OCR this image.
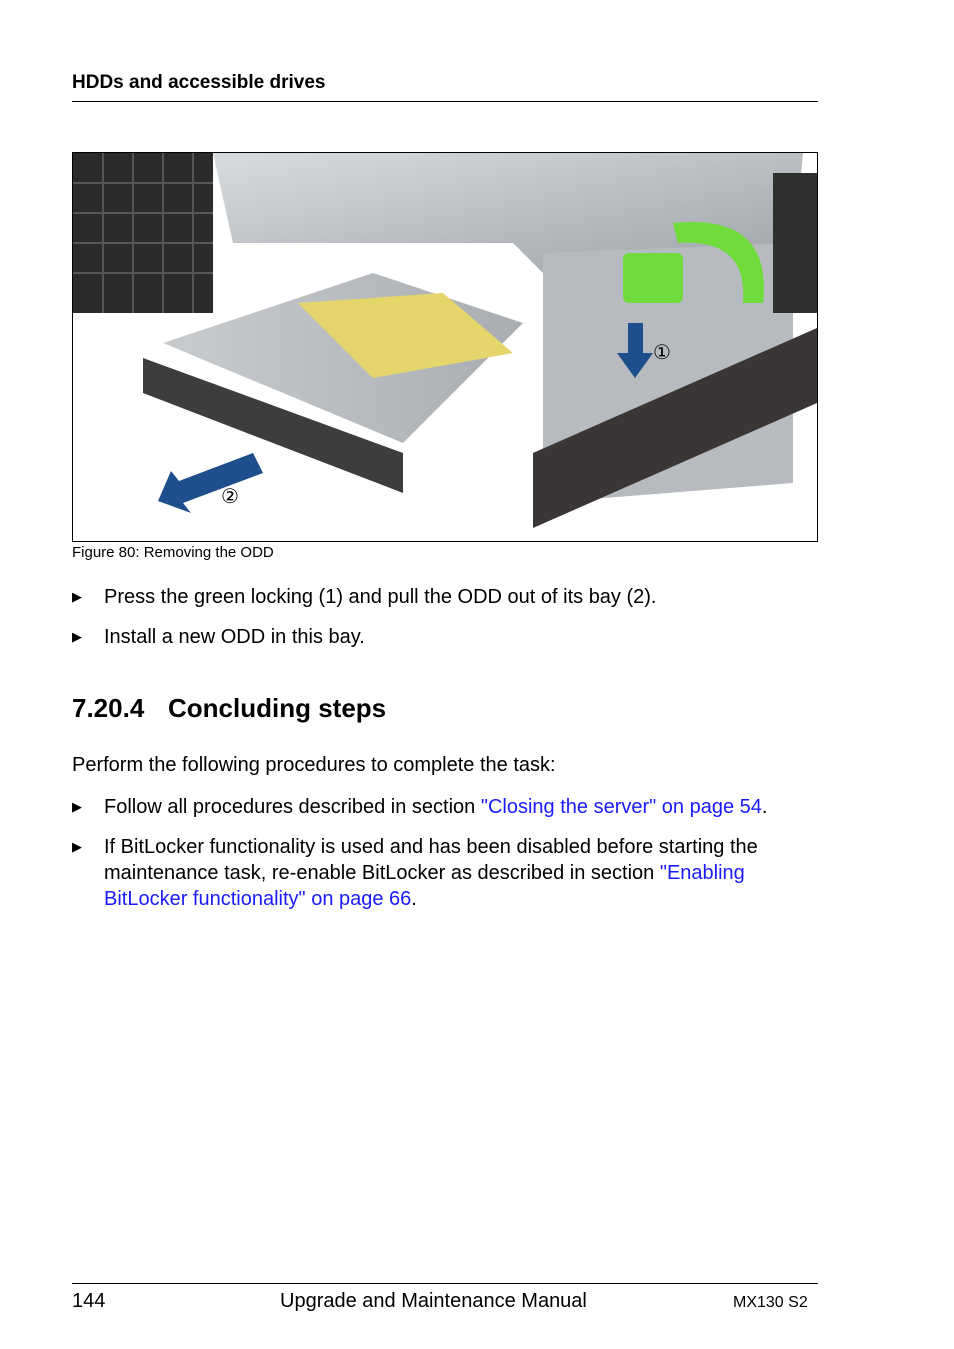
HDDs and accessible drives
①
②
Figure 80: Removing the ODD
▶ Press the green locking (1) and pull the ODD out of its bay (2).
▶ Install a new ODD in this bay.
7.20.4 Concluding steps
Perform the following procedures to complete the task:
▶ Follow all procedures described in section "Closing the server" on page 54.
▶ If BitLocker functionality is used and has been disabled before starting the maintenance task, re-enable BitLocker as described in section "Enabling BitLocker functionality" on page 66.
144	Upgrade and Maintenance Manual	MX130 S2
